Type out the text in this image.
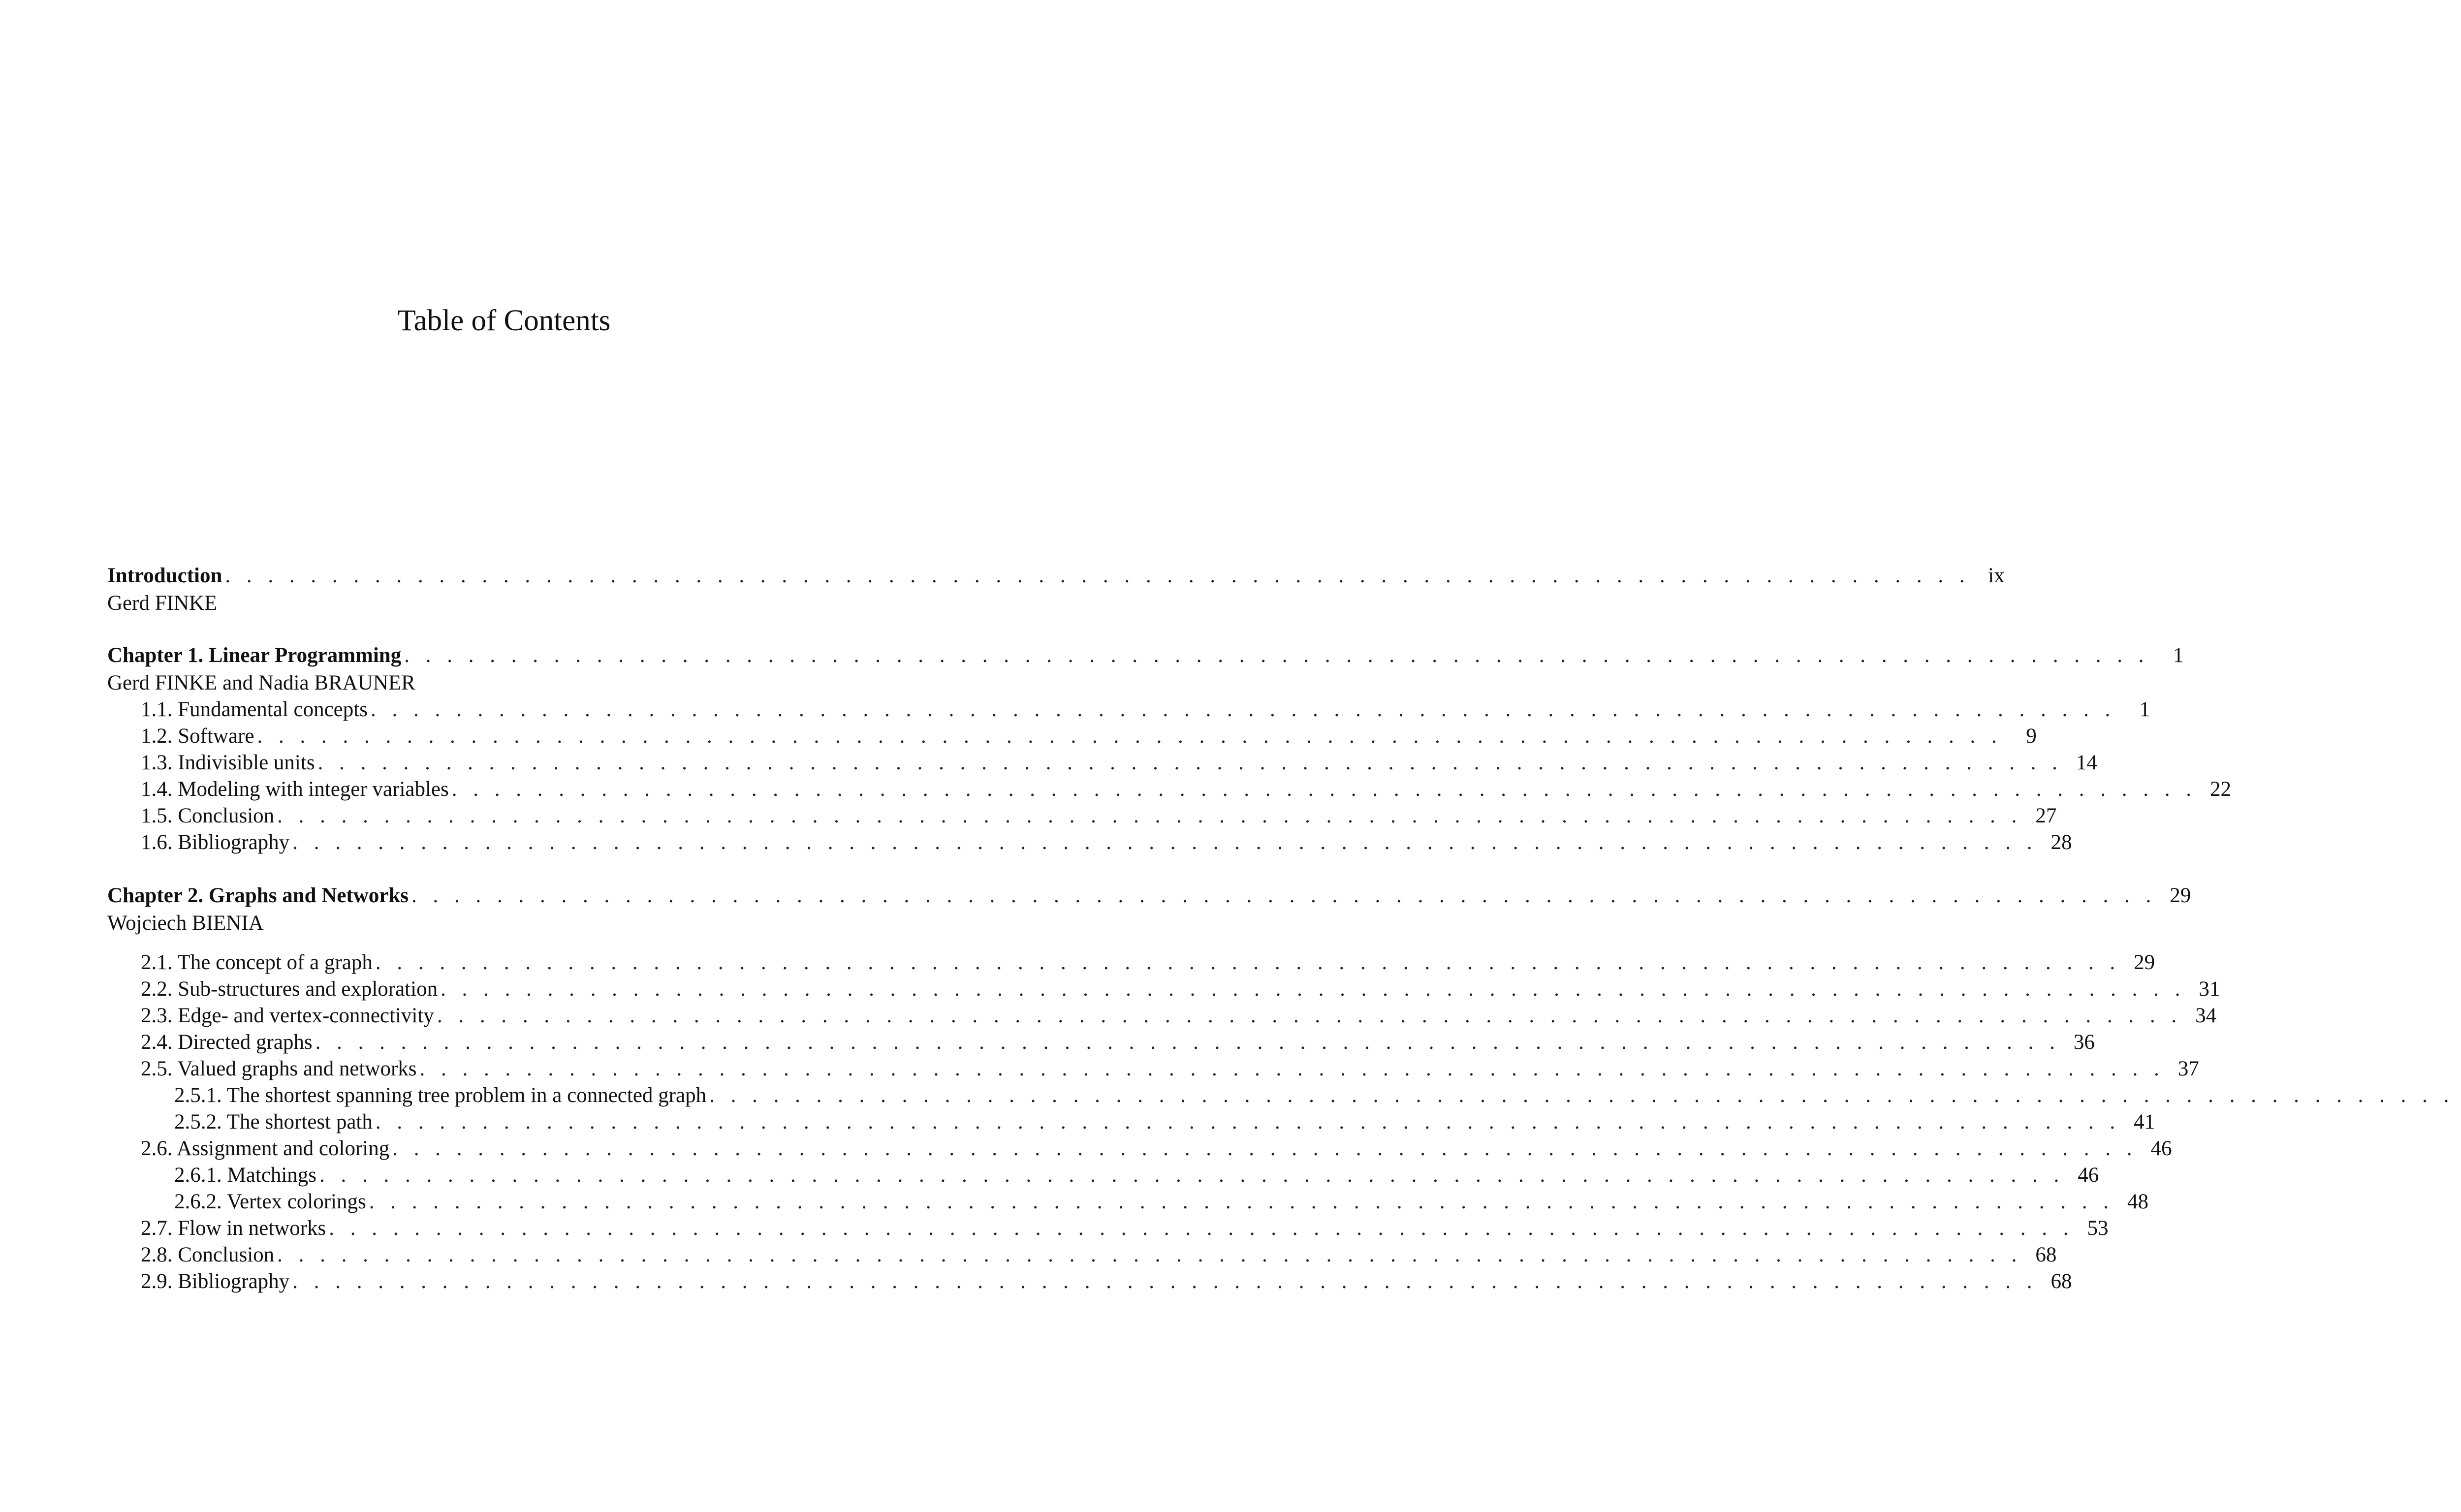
Table of Contents
Introduction . . . . . . . . . . . . . . . . . . . . . . . . . . . . . . . . . . . . . . . . . . . . . . . . . . . . . . . . . . . . . . . . . . . . . . . . . . . . . . . . . . ix
Gerd FINKE
Chapter 1. Linear Programming . . . . . . . . . . . . . . . . . . . . . . . . . . . . . . . . . . . . . . . . . . . . . . . . . . . . . . . . . . . . . . . . . . . . . . . . . . . . . . . . . .	1
Gerd FINKE and Nadia BRAUNER
1.1. Fundamental concepts . . . . . . . . . . . . . . . . . . . . . . . . . . . . . . . . . . . . . . . . . . . . . . . . . . . . . . . . . . . . . . . . . . . . . . . . . . . . . . . . . .	1
1.2. Software . . . . . . . . . . . . . . . . . . . . . . . . . . . . . . . . . . . . . . . . . . . . . . . . . . . . . . . . . . . . . . . . . . . . . . . . . . . . . . . . . .	9
1.3. Indivisible units . . . . . . . . . . . . . . . . . . . . . . . . . . . . . . . . . . . . . . . . . . . . . . . . . . . . . . . . . . . . . . . . . . . . . . . . . . . . . . . . . . 14
1.4. Modeling with integer variables . . . . . . . . . . . . . . . . . . . . . . . . . . . . . . . . . . . . . . . . . . . . . . . . . . . . . . . . . . . . . . . . . . . . . . . . . . . . . . . . . . 22
1.5. Conclusion . . . . . . . . . . . . . . . . . . . . . . . . . . . . . . . . . . . . . . . . . . . . . . . . . . . . . . . . . . . . . . . . . . . . . . . . . . . . . . . . . . 27
1.6. Bibliography . . . . . . . . . . . . . . . . . . . . . . . . . . . . . . . . . . . . . . . . . . . . . . . . . . . . . . . . . . . . . . . . . . . . . . . . . . . . . . . . . . 28
Chapter 2. Graphs and Networks . . . . . . . . . . . . . . . . . . . . . . . . . . . . . . . . . . . . . . . . . . . . . . . . . . . . . . . . . . . . . . . . . . . . . . . . . . . . . . . . . . 29
Wojciech BIENIA
2.1. The concept of a graph . . . . . . . . . . . . . . . . . . . . . . . . . . . . . . . . . . . . . . . . . . . . . . . . . . . . . . . . . . . . . . . . . . . . . . . . . . . . . . . . . . 29
2.2. Sub-structures and exploration . . . . . . . . . . . . . . . . . . . . . . . . . . . . . . . . . . . . . . . . . . . . . . . . . . . . . . . . . . . . . . . . . . . . . . . . . . . . . . . . . . 31
2.3. Edge- and vertex-connectivity . . . . . . . . . . . . . . . . . . . . . . . . . . . . . . . . . . . . . . . . . . . . . . . . . . . . . . . . . . . . . . . . . . . . . . . . . . . . . . . . . . 34
2.4. Directed graphs . . . . . . . . . . . . . . . . . . . . . . . . . . . . . . . . . . . . . . . . . . . . . . . . . . . . . . . . . . . . . . . . . . . . . . . . . . . . . . . . . . 36
2.5. Valued graphs and networks . . . . . . . . . . . . . . . . . . . . . . . . . . . . . . . . . . . . . . . . . . . . . . . . . . . . . . . . . . . . . . . . . . . . . . . . . . . . . . . . . . 37
2.5.1. The shortest spanning tree problem in a connected graph . . . . . . . . . . . . . . . . . . . . . . . . . . . . . . . . . . . . . . . . . . . . . . . . . . . . . . . . . . . . . . . . . . . . . . . . . . . . . . . . . .
2.5.2. The shortest path . . . . . . . . . . . . . . . . . . . . . . . . . . . . . . . . . . . . . . . . . . . . . . . . . . . . . . . . . . . . . . . . . . . . . . . . . . . . . . . . . . 41
2.6. Assignment and coloring . . . . . . . . . . . . . . . . . . . . . . . . . . . . . . . . . . . . . . . . . . . . . . . . . . . . . . . . . . . . . . . . . . . . . . . . . . . . . . . . . . 46
2.6.1. Matchings . . . . . . . . . . . . . . . . . . . . . . . . . . . . . . . . . . . . . . . . . . . . . . . . . . . . . . . . . . . . . . . . . . . . . . . . . . . . . . . . . . 46
2.6.2. Vertex colorings . . . . . . . . . . . . . . . . . . . . . . . . . . . . . . . . . . . . . . . . . . . . . . . . . . . . . . . . . . . . . . . . . . . . . . . . . . . . . . . . . . 48
2.7. Flow in networks . . . . . . . . . . . . . . . . . . . . . . . . . . . . . . . . . . . . . . . . . . . . . . . . . . . . . . . . . . . . . . . . . . . . . . . . . . . . . . . . . . 53
2.8. Conclusion . . . . . . . . . . . . . . . . . . . . . . . . . . . . . . . . . . . . . . . . . . . . . . . . . . . . . . . . . . . . . . . . . . . . . . . . . . . . . . . . . . 68
2.9. Bibliography . . . . . . . . . . . . . . . . . . . . . . . . . . . . . . . . . . . . . . . . . . . . . . . . . . . . . . . . . . . . . . . . . . . . . . . . . . . . . . . . . . 68
